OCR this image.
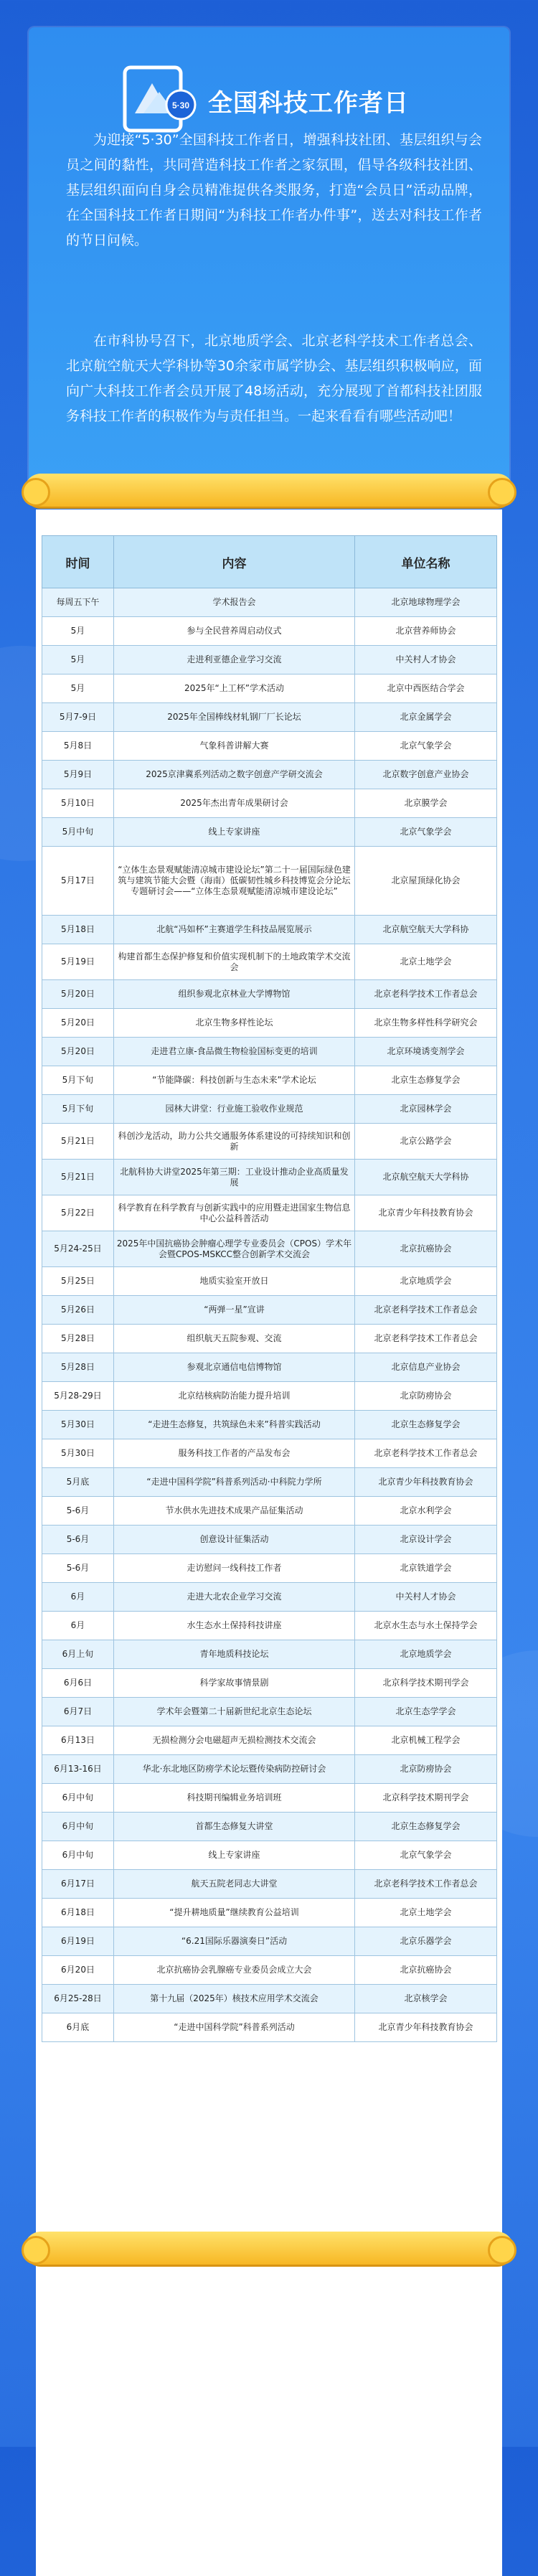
5·30 全国科技工作者日

为迎接“5·30”全国科技工作者日，增强科技社团、基层组织与会员之间的黏性，共同营造科技工作者之家氛围，倡导各级科技社团、基层组织面向自身会员精准提供各类服务，打造“会员日”活动品牌，在全国科技工作者日期间“为科技工作者办件事”，送去对科技工作者的节日问候。

在市科协号召下，北京地质学会、北京老科学技术工作者总会、北京航空航天大学科协等30余家市属学协会、基层组织积极响应，面向广大科技工作者会员开展了48场活动，充分展现了首都科技社团服务科技工作者的积极作为与责任担当。一起来看看有哪些活动吧！

时间	内容	单位名称
每周五下午	学术报告会	北京地球物理学会
5月	参与全民营养周启动仪式	北京营养师协会
5月	走进利亚德企业学习交流	中关村人才协会
5月	2025年“上工杯”学术活动	北京中西医结合学会
5月7-9日	2025年全国棒线材轧钢厂厂长论坛	北京金属学会
5月8日	气象科普讲解大赛	北京气象学会
5月9日	2025京津冀系列活动之数字创意产学研交流会	北京数字创意产业协会
5月10日	2025年杰出青年成果研讨会	北京膜学会
5月中旬	线上专家讲座	北京气象学会
5月17日	“立体生态景观赋能清凉城市建设论坛”第二十一届国际绿色建筑与建筑节能大会暨（海南）低碳韧性城乡科技博览会分论坛专题研讨会——“立体生态景观赋能清凉城市建设论坛”	北京屋顶绿化协会
5月18日	北航“冯如杯”主赛道学生科技品展览展示	北京航空航天大学科协
5月19日	构建首都生态保护修复和价值实现机制下的土地政策学术交流会	北京土地学会
5月20日	组织参观北京林业大学博物馆	北京老科学技术工作者总会
5月20日	北京生物多样性论坛	北京生物多样性科学研究会
5月20日	走进君立康-食品微生物检验国标变更的培训	北京环境诱变剂学会
5月下旬	“节能降碳：科技创新与生态未来”学术论坛	北京生态修复学会
5月下旬	园林大讲堂：行业施工验收作业规范	北京园林学会
5月21日	科创沙龙活动，助力公共交通服务体系建设的可持续知识和创新	北京公路学会
5月21日	北航科协大讲堂2025年第三期：工业设计推动企业高质量发展	北京航空航天大学科协
5月22日	科学教育在科学教育与创新实践中的应用暨走进国家生物信息中心公益科普活动	北京青少年科技教育协会
5月24-25日	2025年中国抗癌协会肿瘤心理学专业委员会（CPOS）学术年会暨CPOS-MSKCC整合创新学术交流会	北京抗癌协会
5月25日	地质实验室开放日	北京地质学会
5月26日	“两弹一星”宣讲	北京老科学技术工作者总会
5月28日	组织航天五院参观、交流	北京老科学技术工作者总会
5月28日	参观北京通信电信博物馆	北京信息产业协会
5月28-29日	北京结核病防治能力提升培训	北京防痨协会
5月30日	“走进生态修复，共筑绿色未来”科普实践活动	北京生态修复学会
5月30日	服务科技工作者的产品发布会	北京老科学技术工作者总会
5月底	“走进中国科学院”科普系列活动·中科院力学所	北京青少年科技教育协会
5-6月	节水供水先进技术成果产品征集活动	北京水利学会
5-6月	创意设计征集活动	北京设计学会
5-6月	走访慰问一线科技工作者	北京铁道学会
6月	走进大北农企业学习交流	中关村人才协会
6月	水生态水土保持科技讲座	北京水生态与水土保持学会
6月上旬	青年地质科技论坛	北京地质学会
6月6日	科学家故事情景剧	北京科学技术期刊学会
6月7日	学术年会暨第二十届新世纪北京生态论坛	北京生态学学会
6月13日	无损检测分会电磁超声无损检测技术交流会	北京机械工程学会
6月13-16日	华北·东北地区防痨学术论坛暨传染病防控研讨会	北京防痨协会
6月中旬	科技期刊编辑业务培训班	北京科学技术期刊学会
6月中旬	首都生态修复大讲堂	北京生态修复学会
6月中旬	线上专家讲座	北京气象学会
6月17日	航天五院老同志大讲堂	北京老科学技术工作者总会
6月18日	“提升耕地质量”继续教育公益培训	北京土地学会
6月19日	“6.21国际乐器演奏日”活动	北京乐器学会
6月20日	北京抗癌协会乳腺癌专业委员会成立大会	北京抗癌协会
6月25-28日	第十九届（2025年）核技术应用学术交流会	北京核学会
6月底	“走进中国科学院”科普系列活动	北京青少年科技教育协会
更多精彩活动还“在路上”，
欢迎广大科技工作者持续关注、积极参与。
致敬每一位在科研一线默默坚守、
勇攀高峰的科技工作者！
